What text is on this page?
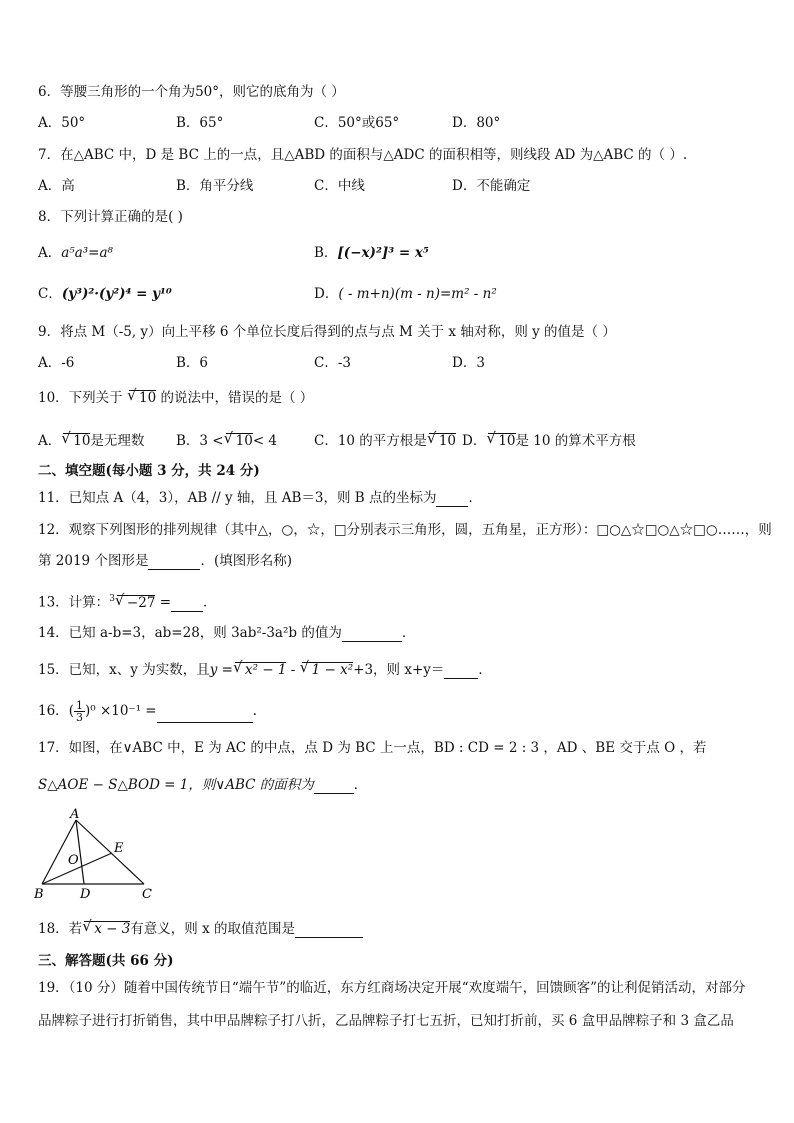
6．等腰三角形的一个角为50°，则它的底角为（ ）
A．50°	B．65°	C．50°或65°	D．80°
7．在△ABC 中，D 是 BC 上的一点，且△ABD 的面积与△ADC 的面积相等，则线段 AD 为△ABC 的（ ）.
A．高	B．角平分线	C．中线	D．不能确定
8．下列计算正确的是( )
A．a⁵a³=a⁸	B．[(−x)²]³ = x⁵
C．(y³)²·(y²)⁴ = y¹⁰	D．( - m+n)(m - n)=m² - n²
9．将点 M（-5, y）向上平移 6 个单位长度后得到的点与点 M 关于 x 轴对称，则 y 的值是（ ）
A．-6	B．6	C．-3	D．3
10．下列关于 √ 10 的说法中，错误的是（ ）
A． √ 10是无理数 B．3 < √ 10< 4	C．10 的平方根是 √ 10 D． √ 10是 10 的算术平方根
二、填空题(每小题 3 分，共 24 分)
11．已知点 A（4，3），AB // y 轴，且 AB＝3，则 B 点的坐标为 ．
12．观察下列图形的排列规律（其中△，○，☆，□分别表示三角形，圆，五角星，正方形）：□○△☆□○△☆□○……，则
第 2019 个图形是	．(填图形名称)
13．计算：$^3$ √ −27 = ．
14．已知 a-b=3，ab=28，则 3ab²-3a²b 的值为	．
15．已知，x、y 为实数，且y = √ x² − 1 - √ 1 − x²+3，则 x+y＝	．
16．( $\frac{1}{3} )^0 \times 10^{-1}$ =	.
17．如图，在∨ABC 中，E 为 AC 的中点，点 D 为 BC 上一点，BD : CD = 2 : 3 ，AD 、BE 交于点 O ，若
S△AOE − S△BOD = 1，则∨ABC 的面积为	．
A
B	C
D
E
O
18．若 √ x − 3有意义，则 x 的取值范围是
三、解答题(共 66 分)
19．（10 分）随着中国传统节日“端午节”的临近，东方红商场决定开展“欢度端午，回馈顾客”的让利促销活动，对部分
品牌粽子进行打折销售，其中甲品牌粽子打八折，乙品牌粽子打七五折，已知打折前，买 6 盒甲品牌粽子和 3 盒乙品
